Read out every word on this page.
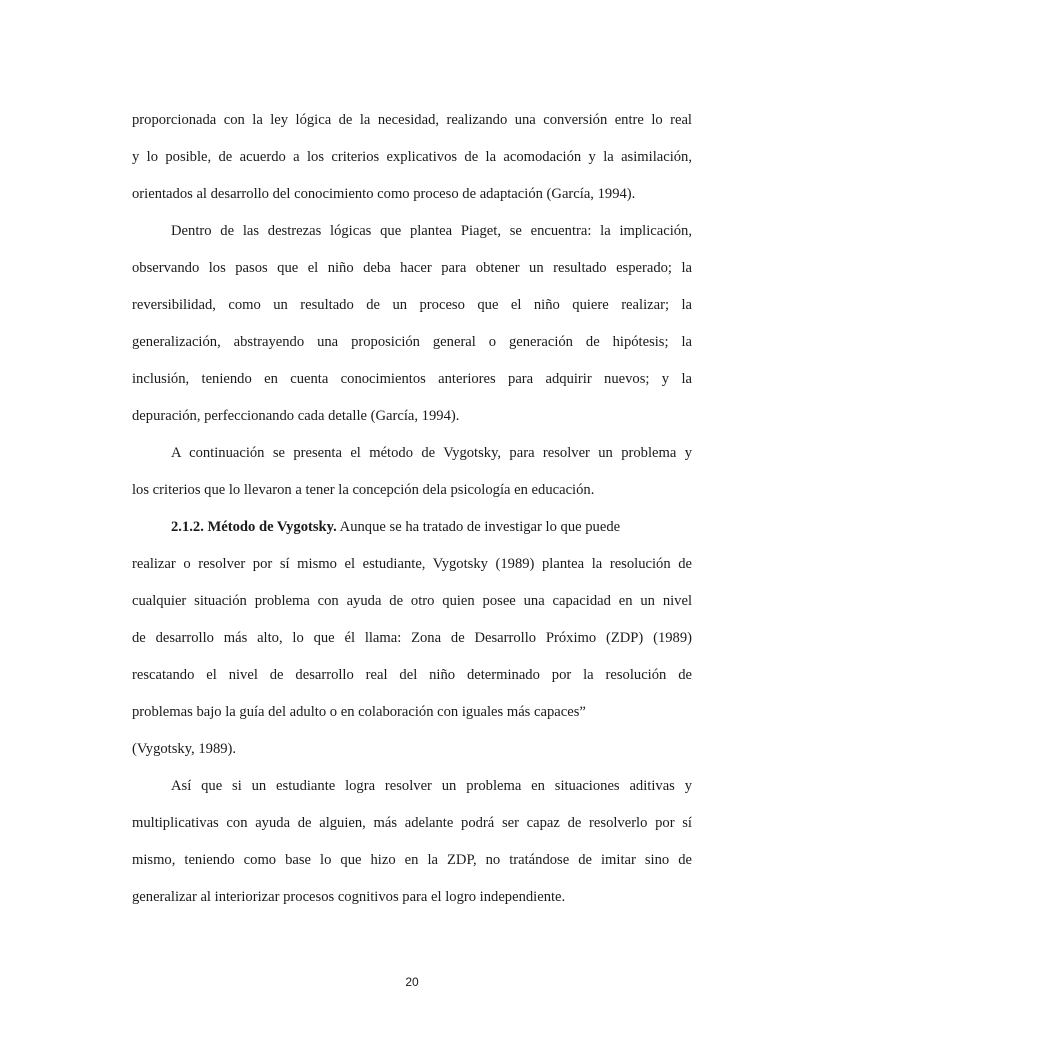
proporcionada con la ley lógica de la necesidad, realizando una conversión entre lo real
y lo posible, de acuerdo a los criterios explicativos de la acomodación y la asimilación,
orientados al desarrollo del conocimiento como proceso de adaptación (García, 1994).
Dentro de las destrezas lógicas que plantea Piaget, se encuentra: la implicación,
observando los pasos que el niño deba hacer para obtener un resultado esperado; la
reversibilidad, como un resultado de un proceso que el niño quiere realizar; la
generalización, abstrayendo una proposición general o generación de hipótesis; la
inclusión, teniendo en cuenta conocimientos anteriores para adquirir nuevos; y la
depuración, perfeccionando cada detalle (García, 1994).
A continuación se presenta el método de Vygotsky, para resolver un problema y
los criterios que lo llevaron a tener la concepción dela psicología en educación.
2.1.2. Método de Vygotsky. Aunque se ha tratado de investigar lo que puede
realizar o resolver por sí mismo el estudiante, Vygotsky (1989) plantea la resolución de
cualquier situación problema con ayuda de otro quien posee una capacidad en un nivel
de desarrollo más alto, lo que él llama: Zona de Desarrollo Próximo (ZDP) (1989)
rescatando el nivel de desarrollo real del niño determinado por la resolución de
problemas bajo la guía del adulto o en colaboración con iguales más capaces”
(Vygotsky, 1989).
Así que si un estudiante logra resolver un problema en situaciones aditivas y
multiplicativas con ayuda de alguien, más adelante podrá ser capaz de resolverlo por sí
mismo, teniendo como base lo que hizo en la ZDP, no tratándose de imitar sino de
generalizar al interiorizar procesos cognitivos para el logro independiente.
20
